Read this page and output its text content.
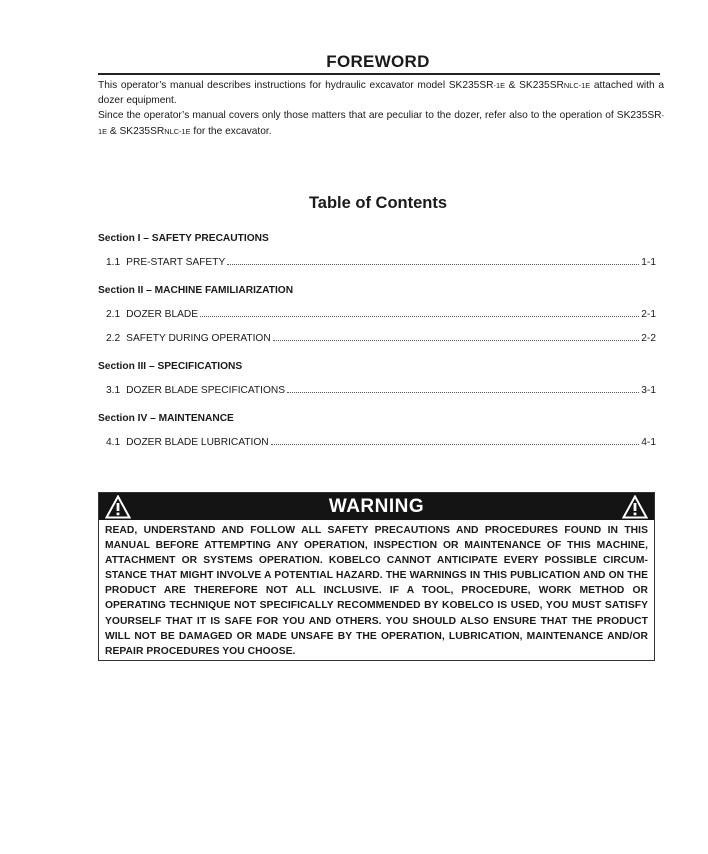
FOREWORD

This operator’s manual describes instructions for hydraulic excavator model SK235SR-1E & SK235SRNLC-1E attached with a dozer equipment.

Since the operator’s manual covers only those matters that are peculiar to the dozer, refer also to the operation of SK235SR-1E & SK235SRNLC-1E for the excavator.

Table of Contents
Section I – SAFETY PRECAUTIONS
1.1 PRE-START SAFETY	1-1
Section II – MACHINE FAMILIARIZATION
2.1 DOZER BLADE	2-1
2.2 SAFETY DURING OPERATION	2-2
Section III – SPECIFICATIONS
3.1 DOZER BLADE SPECIFICATIONS	3-1
Section IV – MAINTENANCE
4.1 DOZER BLADE LUBRICATION	4-1
WARNING
READ, UNDERSTAND AND FOLLOW ALL SAFETY PRECAUTIONS AND PROCEDURES FOUND IN THIS MANUAL BEFORE ATTEMPTING ANY OPERATION, INSPECTION OR MAINTENANCE OF THIS MACHINE, ATTACHMENT OR SYSTEMS OPERATION. KOBELCO CANNOT ANTICIPATE EVERY POSSIBLE CIRCUM-STANCE THAT MIGHT INVOLVE A POTENTIAL HAZARD. THE WARNINGS IN THIS PUBLICATION AND ON THE PRODUCT ARE THEREFORE NOT ALL INCLUSIVE. IF A TOOL, PROCEDURE, WORK METHOD OR OPERATING TECHNIQUE NOT SPECIFICALLY RECOMMENDED BY KOBELCO IS USED, YOU MUST SATISFY YOURSELF THAT IT IS SAFE FOR YOU AND OTHERS. YOU SHOULD ALSO ENSURE THAT THE PRODUCT WILL NOT BE DAMAGED OR MADE UNSAFE BY THE OPERATION, LUBRICATION, MAINTENANCE AND/OR REPAIR PROCEDURES YOU CHOOSE.
